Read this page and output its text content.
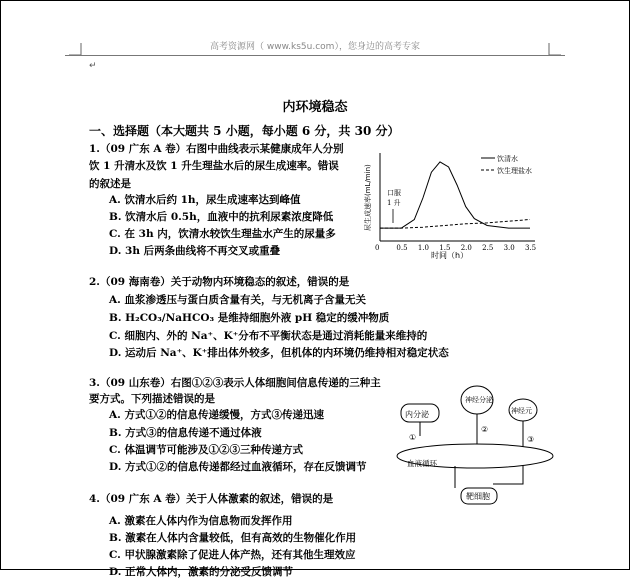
高考资源网（ www.ks5u.com），您身边的高考专家
↵
内环境稳态
一、选择题（本大题共 5 小题，每小题 6 分，共 30 分）
1.（09 广东 A 卷）右图中曲线表示某健康成年人分别
饮 1 升清水及饮 1 升生理盐水后的尿生成速率。错误
的叙述是
A. 饮清水后约 1h，尿生成速率达到峰值
B. 饮清水后 0.5h，血液中的抗利尿素浓度降低
C. 在 3h 内，饮清水较饮生理盐水产生的尿量多
D. 3h 后两条曲线将不再交叉或重叠
尿生成速率(mL/min)
0 0.5 1.0 1.5 2.0 2.5 3.0 3.5
时间（h）
饮清水
饮生理盐水
口服 1 升
2.（09 海南卷）关于动物内环境稳态的叙述，错误的是
A. 血浆渗透压与蛋白质含量有关，与无机离子含量无关
B. H₂CO₃/NaHCO₃ 是维持细胞外液 pH 稳定的缓冲物质
C. 细胞内、外的 Na⁺、K⁺分布不平衡状态是通过消耗能量来维持的
D. 运动后 Na⁺、K⁺排出体外较多，但机体的内环境仍维持相对稳定状态
3.（09 山东卷）右图①②③表示人体细胞间信息传递的三种主
要方式。下列描述错误的是
A. 方式①②的信息传递缓慢，方式③传递迅速
B. 方式③的信息传递不通过体液
C. 体温调节可能涉及①②③三种传递方式
D. 方式①②的信息传递都经过血液循环，存在反馈调节
内分泌
神经分泌
神经元
血液循环
靶细胞
①
②
③
4.（09 广东 A 卷）关于人体激素的叙述，错误的是
A. 激素在人体内作为信息物而发挥作用
B. 激素在人体内含量较低，但有高效的生物催化作用
C. 甲状腺激素除了促进人体产热，还有其他生理效应
D. 正常人体内，激素的分泌受反馈调节
